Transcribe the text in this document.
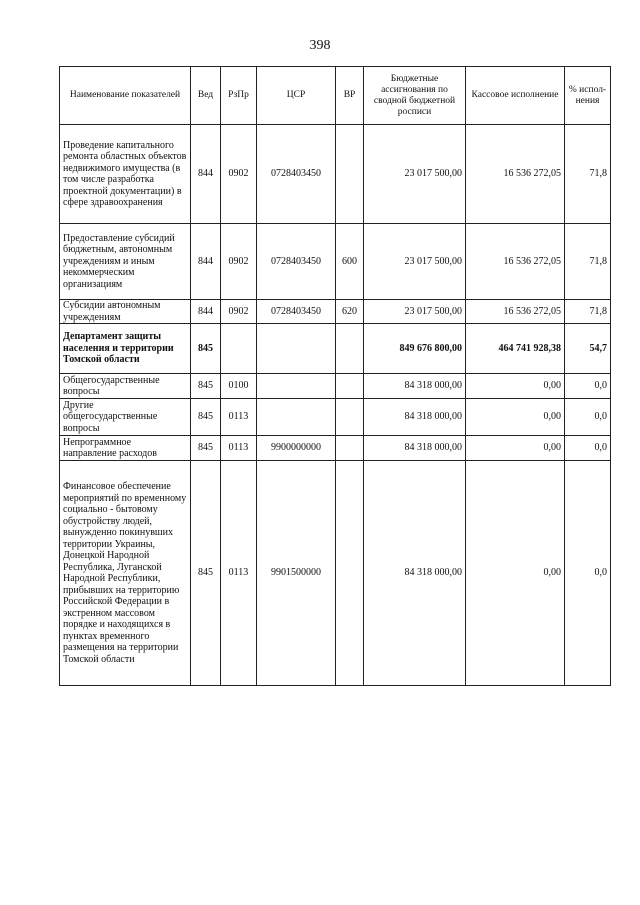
398
Наименование показателей	Вед	РзПр	ЦСР	ВР	Бюджетные ассигнования по сводной бюджетной росписи	Кассовое исполнение	% испол-нения
Проведение капитального ремонта областных объектов недвижимого имущества (в том числе разработка проектной документации) в сфере здравоохранения	844	0902	0728403450		23 017 500,00	16 536 272,05	71,8
Предоставление субсидий бюджетным, автономным учреждениям и иным некоммерческим организациям	844	0902	0728403450	600	23 017 500,00	16 536 272,05	71,8
Субсидии автономным учреждениям	844	0902	0728403450	620	23 017 500,00	16 536 272,05	71,8
Департамент защиты населения и территории Томской области	845				849 676 800,00	464 741 928,38	54,7
Общегосударственные вопросы	845	0100			84 318 000,00	0,00	0,0
Другие общегосударственные вопросы	845	0113			84 318 000,00	0,00	0,0
Непрограммное направление расходов	845	0113	9900000000		84 318 000,00	0,00	0,0
Финансовое обеспечение мероприятий по временному социально - бытовому обустройству людей, вынужденно покинувших территории Украины, Донецкой Народной Республика, Луганской Народной Республики, прибывших на территорию Российской Федерации в экстренном массовом порядке и находящихся в пунктах временного размещения на территории Томской области	845	0113	9901500000		84 318 000,00	0,00	0,0
